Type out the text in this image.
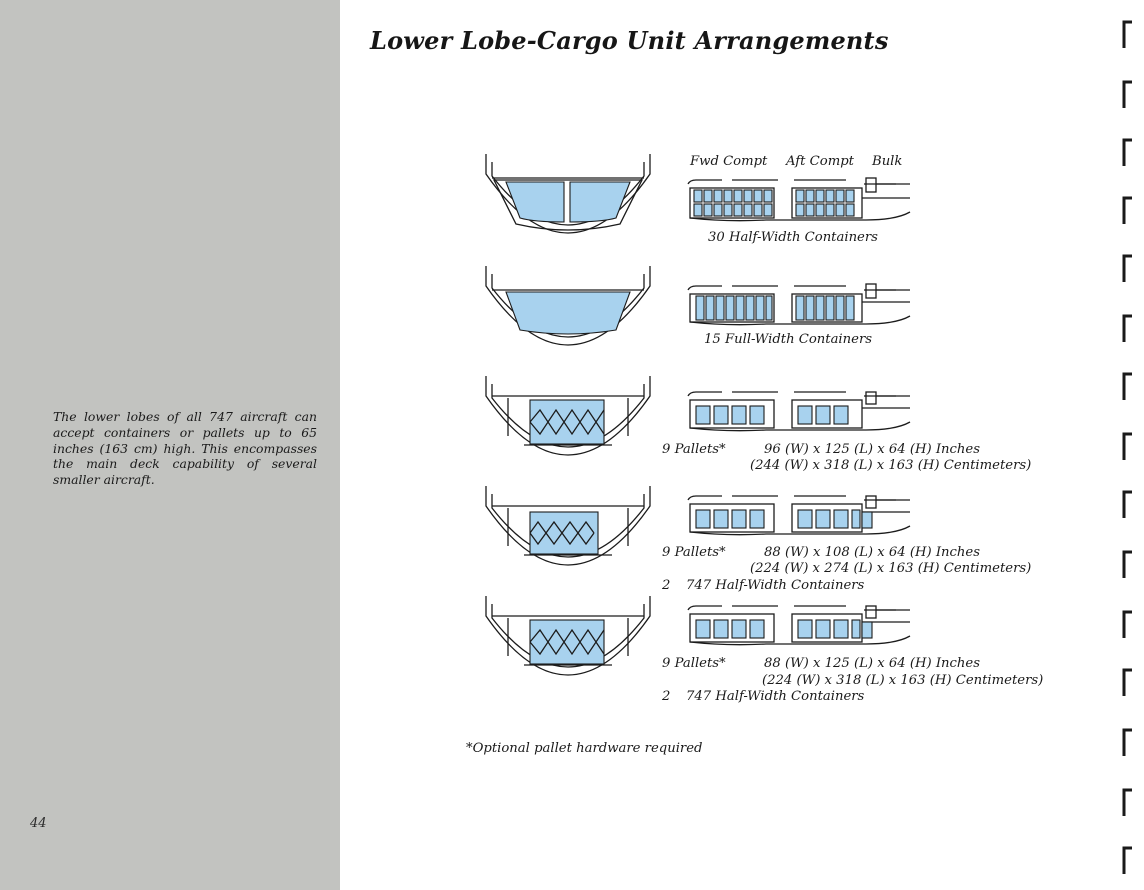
The lower lobes of all 747 aircraft can accept containers or pallets up to 65 inches (163 cm) high. This encompasses the main deck capability of several smaller aircraft.

44
Lower Lobe-Cargo Unit Arrangements
Fwd Compt Aft Compt Bulk
30 Half-Width Containers
15 Full-Width Containers
9 Pallets*	96 (W) x 125 (L) x 64 (H) Inches
(244 (W) x 318 (L) x 163 (H) Centimeters)
9 Pallets*	88 (W) x 108 (L) x 64 (H) Inches
(224 (W) x 274 (L) x 163 (H) Centimeters)
2 747 Half-Width Containers
9 Pallets*	88 (W) x 125 (L) x 64 (H) Inches
(224 (W) x 318 (L) x 163 (H) Centimeters)
2 747 Half-Width Containers
*Optional pallet hardware required
